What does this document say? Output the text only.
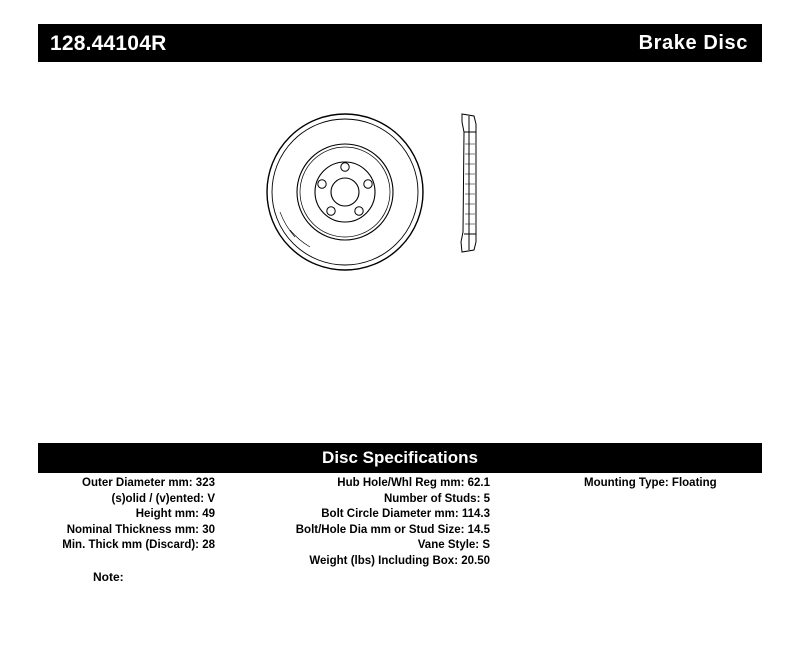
128.44104R	Brake Disc
Disc Specifications
Outer Diameter mm: 323
(s)olid / (v)ented: V
Height mm: 49
Nominal Thickness mm: 30
Min. Thick mm (Discard): 28
Hub Hole/Whl Reg mm: 62.1
Number of Studs: 5
Bolt Circle Diameter mm: 114.3
Bolt/Hole Dia mm or Stud Size: 14.5
Vane Style: S
Weight (lbs) Including Box: 20.50
Mounting Type: Floating
Note:
